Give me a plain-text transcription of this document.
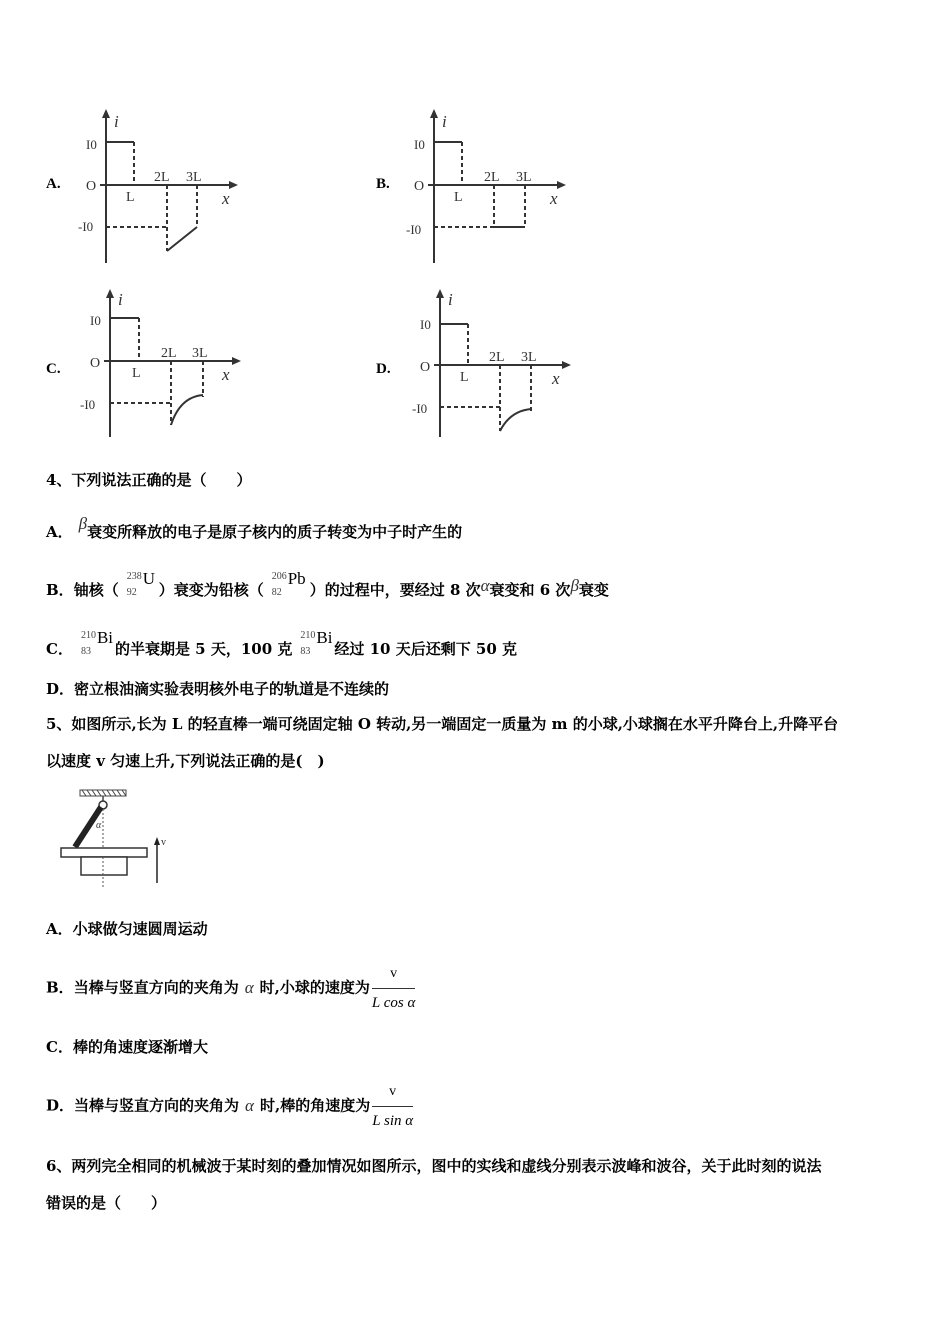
A.
i
x
O
I0
-I0
L
2L 3L	B.
i
x
O
I0
-I0
L
2L 3L
C.
i
x
O
I0
-I0
L
2L 3L
D.
i
x
O
I0
-I0
L
2L 3L
4、下列说法正确的是（　　）
A． β衰变所释放的电子是原子核内的质子转变为中子时产生的
B．铀核（
238
92
U
）衰变为铅核（
206
82
Pb
）的过程中，要经过 8 次α衰变和 6 次β衰变
C．
210
83
Bi
的半衰期是 5 天，100 克
210
83
Bi
经过 10 天后还剩下 50 克
D．密立根油滴实验表明核外电子的轨道是不连续的
5、如图所示,长为 L 的轻直棒一端可绕固定轴 O 转动,另一端固定一质量为 m 的小球,小球搁在水平升降台上,升降平台
以速度 v 匀速上升,下列说法正确的是(　)
α
v
A．小球做匀速圆周运动
B．当棒与竖直方向的夹角为 α 时,小球的速度为 $\frac{v}{\text{L cos α}}$
C．棒的角速度逐渐增大
D．当棒与竖直方向的夹角为 α 时,棒的角速度为 $\frac{v}{\text{L sin α}}$
6、两列完全相同的机械波于某时刻的叠加情况如图所示，图中的实线和虚线分别表示波峰和波谷，关于此时刻的说法
错误的是（　　）
